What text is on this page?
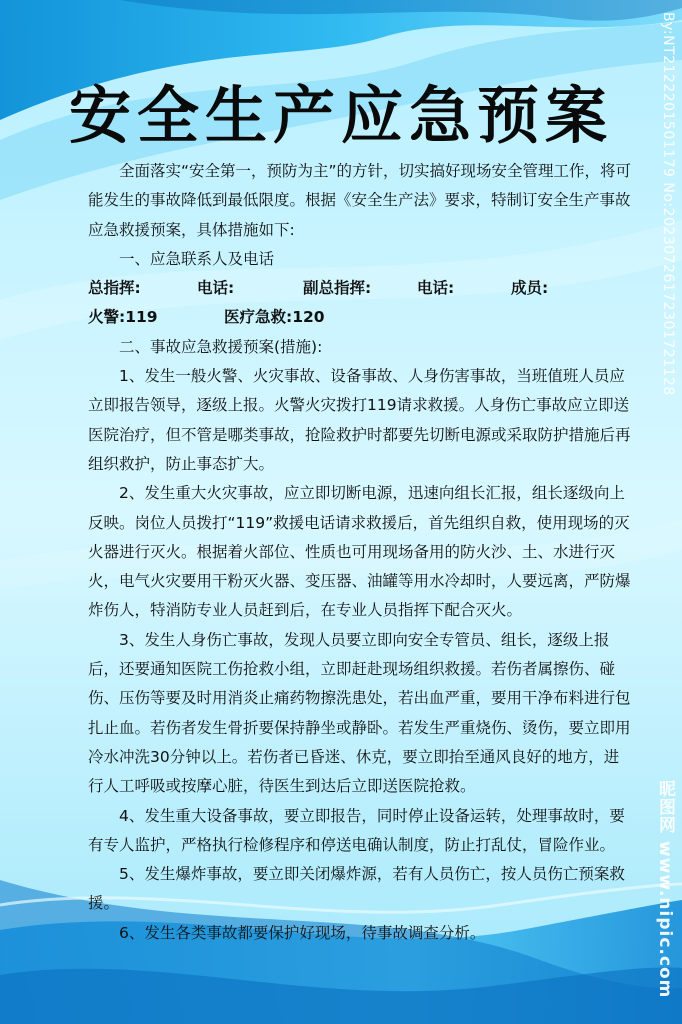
安全生产应急预案

全面落实“安全第一，预防为主”的方针，切实搞好现场安全管理工作，将可能发生的事故降低到最低限度。根据《安全生产法》要求，特制订安全生产事故应急救援预案，具体措施如下:

一、应急联系人及电话

总指挥:	电话:	副总指挥:	电话:	成员:
火警:119	医疗急救:120

二、事故应急救援预案(措施):

1、发生一般火警、火灾事故、设备事故、人身伤害事故，当班值班人员应立即报告领导，逐级上报。火警火灾拨打119请求救援。人身伤亡事故应立即送医院治疗，但不管是哪类事故，抢险救护时都要先切断电源或采取防护措施后再组织救护，防止事态扩大。

2、发生重大火灾事故，应立即切断电源，迅速向组长汇报，组长逐级向上反映。岗位人员拨打“119”救援电话请求救援后，首先组织自救，使用现场的灭火器进行灭火。根据着火部位、性质也可用现场备用的防火沙、土、水进行灭火，电气火灾要用干粉灭火器、变压器、油罐等用水冷却时，人要远离，严防爆炸伤人，特消防专业人员赶到后，在专业人员指挥下配合灭火。

3、发生人身伤亡事故，发现人员要立即向安全专管员、组长，逐级上报后，还要通知医院工伤抢救小组，立即赶赴现场组织救援。若伤者属擦伤、碰伤、压伤等要及时用消炎止痛药物擦洗患处，若出血严重，要用干净布料进行包扎止血。若伤者发生骨折要保持静坐或静卧。若发生严重烧伤、烫伤，要立即用冷水冲洗30分钟以上。若伤者已昏迷、休克，要立即抬至通风良好的地方，进行人工呼吸或按摩心脏，待医生到达后立即送医院抢救。

4、发生重大设备事故，要立即报告，同时停止设备运转，处理事故时，要有专人监护，严格执行检修程序和停送电确认制度，防止打乱仗，冒险作业。

5、发生爆炸事故，要立即关闭爆炸源，若有人员伤亡，按人员伤亡预案救援。

6、发生各类事故都要保护好现场，待事故调查分析。

By:NT2122201501179 No:20230726172301721128
昵图网 www.nipic.com
